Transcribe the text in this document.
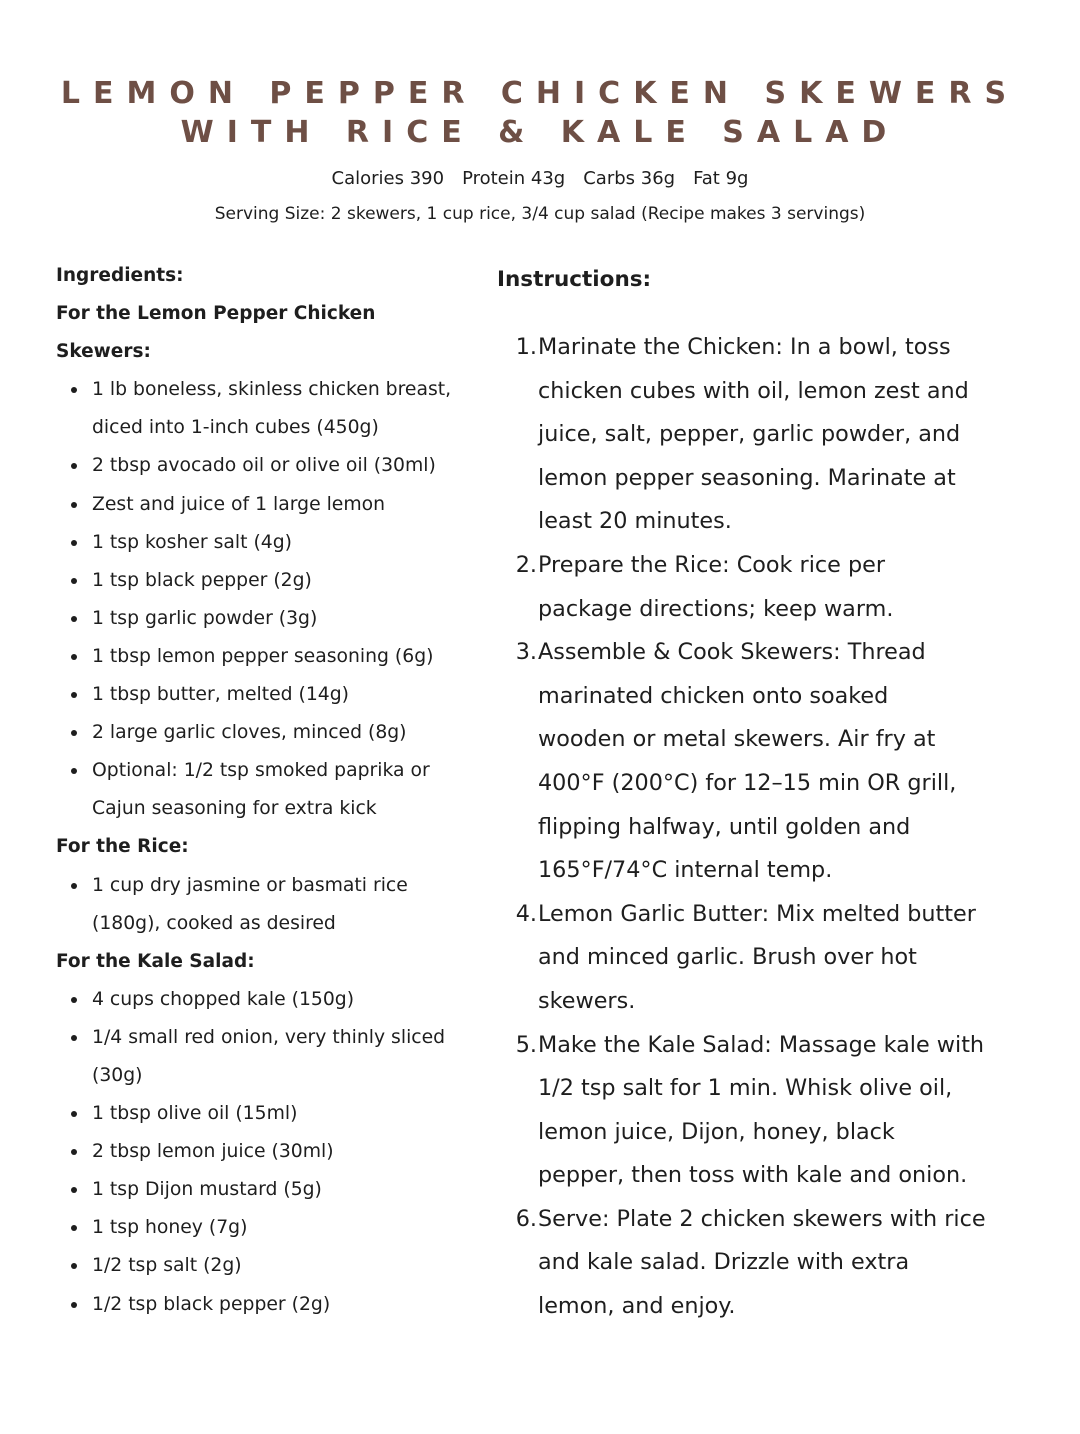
LEMON PEPPER CHICKEN SKEWERS
WITH RICE & KALE SALAD
Calories 390 Protein 43g Carbs 36g Fat 9g
Serving Size: 2 skewers, 1 cup rice, 3/4 cup salad (Recipe makes 3 servings)

Ingredients:

For the Lemon Pepper Chicken

Skewers:

1 lb boneless, skinless chicken breast,
diced into 1-inch cubes (450g)
2 tbsp avocado oil or olive oil (30ml)
Zest and juice of 1 large lemon
1 tsp kosher salt (4g)
1 tsp black pepper (2g)
1 tsp garlic powder (3g)
1 tbsp lemon pepper seasoning (6g)
1 tbsp butter, melted (14g)
2 large garlic cloves, minced (8g)
Optional: 1/2 tsp smoked paprika or
Cajun seasoning for extra kick

For the Rice:

1 cup dry jasmine or basmati rice
(180g), cooked as desired

For the Kale Salad:

4 cups chopped kale (150g)
1/4 small red onion, very thinly sliced
(30g)
1 tbsp olive oil (15ml)
2 tbsp lemon juice (30ml)
1 tsp Dijon mustard (5g)
1 tsp honey (7g)
1/2 tsp salt (2g)
1/2 tsp black pepper (2g)

Instructions:

1. Marinate the Chicken: In a bowl, toss
chicken cubes with oil, lemon zest and
juice, salt, pepper, garlic powder, and
lemon pepper seasoning. Marinate at
least 20 minutes.
2. Prepare the Rice: Cook rice per
package directions; keep warm.
3. Assemble & Cook Skewers: Thread
marinated chicken onto soaked
wooden or metal skewers. Air fry at
400°F (200°C) for 12–15 min OR grill,
flipping halfway, until golden and
165°F/74°C internal temp.
4. Lemon Garlic Butter: Mix melted butter
and minced garlic. Brush over hot
skewers.
5. Make the Kale Salad: Massage kale with
1/2 tsp salt for 1 min. Whisk olive oil,
lemon juice, Dijon, honey, black
pepper, then toss with kale and onion.
6. Serve: Plate 2 chicken skewers with rice
and kale salad. Drizzle with extra
lemon, and enjoy.
